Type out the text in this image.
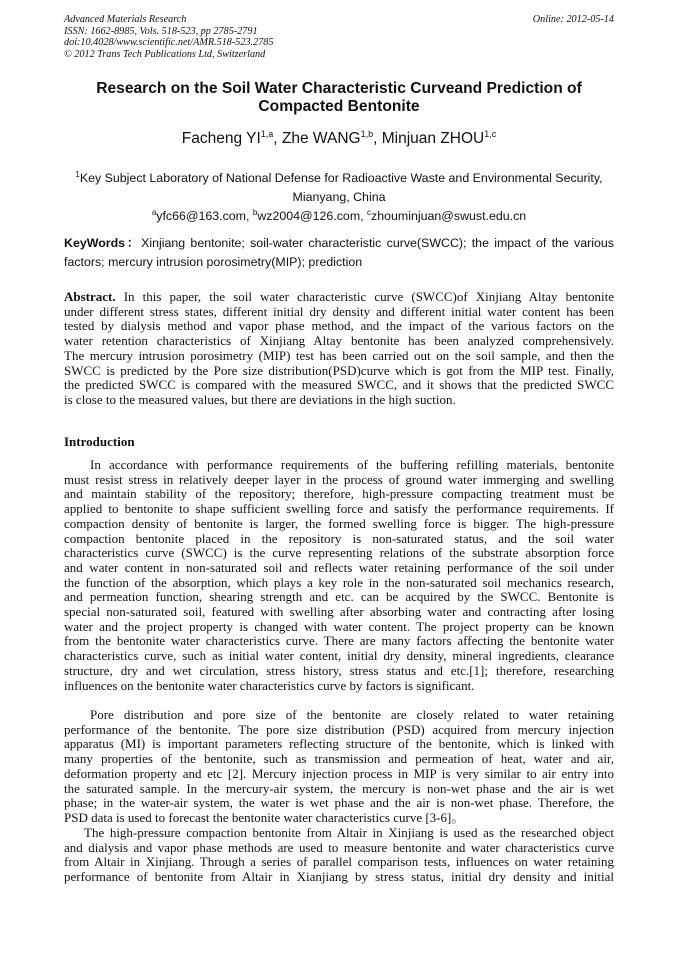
Advanced Materials Research
ISSN: 1662-8985, Vols. 518-523, pp 2785-2791
doi:10.4028/www.scientific.net/AMR.518-523.2785
© 2012 Trans Tech Publications Ltd, Switzerland
Online: 2012-05-14
Research on the Soil Water Characteristic Curveand Prediction of
Compacted Bentonite
Facheng YI$^{1,a}$, Zhe WANG$^{1,b}$, Minjuan ZHOU$^{1,c}$
$^1$Key Subject Laboratory of National Defense for Radioactive Waste and Environmental Security,
Mianyang, China
$^a$yfc66@163.com, $^b$wz2004@126.com, $^c$zhouminjuan@swust.edu.cn
KeyWords：Xinjiang bentonite; soil-water characteristic curve(SWCC); the impact of the various
factors; mercury intrusion porosimetry(MIP); prediction
Abstract. In this paper, the soil water characteristic curve (SWCC)of Xinjiang Altay bentonite
under different stress states, different initial dry density and different initial water content has been
tested by dialysis method and vapor phase method, and the impact of the various factors on the
water retention characteristics of Xinjiang Altay bentonite has been analyzed comprehensively.
The mercury intrusion porosimetry (MIP) test has been carried out on the soil sample, and then the
SWCC is predicted by the Pore size distribution(PSD)curve which is got from the MIP test. Finally,
the predicted SWCC is compared with the measured SWCC, and it shows that the predicted SWCC
is close to the measured values, but there are deviations in the high suction.
Introduction
In accordance with performance requirements of the buffering refilling materials, bentonite
must resist stress in relatively deeper layer in the process of ground water immerging and swelling
and maintain stability of the repository; therefore, high-pressure compacting treatment must be
applied to bentonite to shape sufficient swelling force and satisfy the performance requirements. If
compaction density of bentonite is larger, the formed swelling force is bigger. The high-pressure
compaction bentonite placed in the repository is non-saturated status, and the soil water
characteristics curve (SWCC) is the curve representing relations of the substrate absorption force
and water content in non-saturated soil and reflects water retaining performance of the soil under
the function of the absorption, which plays a key role in the non-saturated soil mechanics research,
and permeation function, shearing strength and etc. can be acquired by the SWCC. Bentonite is
special non-saturated soil, featured with swelling after absorbing water and contracting after losing
water and the project property is changed with water content. The project property can be known
from the bentonite water characteristics curve. There are many factors affecting the bentonite water
characteristics curve, such as initial water content, initial dry density, mineral ingredients, clearance
structure, dry and wet circulation, stress history, stress status and etc.[1]; therefore, researching
influences on the bentonite water characteristics curve by factors is significant.
Pore distribution and pore size of the bentonite are closely related to water retaining
performance of the bentonite. The pore size distribution (PSD) acquired from mercury injection
apparatus (MI) is important parameters reflecting structure of the bentonite, which is linked with
many properties of the bentonite, such as transmission and permeation of heat, water and air,
deformation property and etc [2]. Mercury injection process in MIP is very similar to air entry into
the saturated sample. In the mercury-air system, the mercury is non-wet phase and the air is wet
phase; in the water-air system, the water is wet phase and the air is non-wet phase. Therefore, the
PSD data is used to forecast the bentonite water characteristics curve [3-6]。
The high-pressure compaction bentonite from Altair in Xinjiang is used as the researched object
and dialysis and vapor phase methods are used to measure bentonite and water characteristics curve
from Altair in Xinjiang. Through a series of parallel comparison tests, influences on water retaining
performance of bentonite from Altair in Xianjiang by stress status, initial dry density and initial
